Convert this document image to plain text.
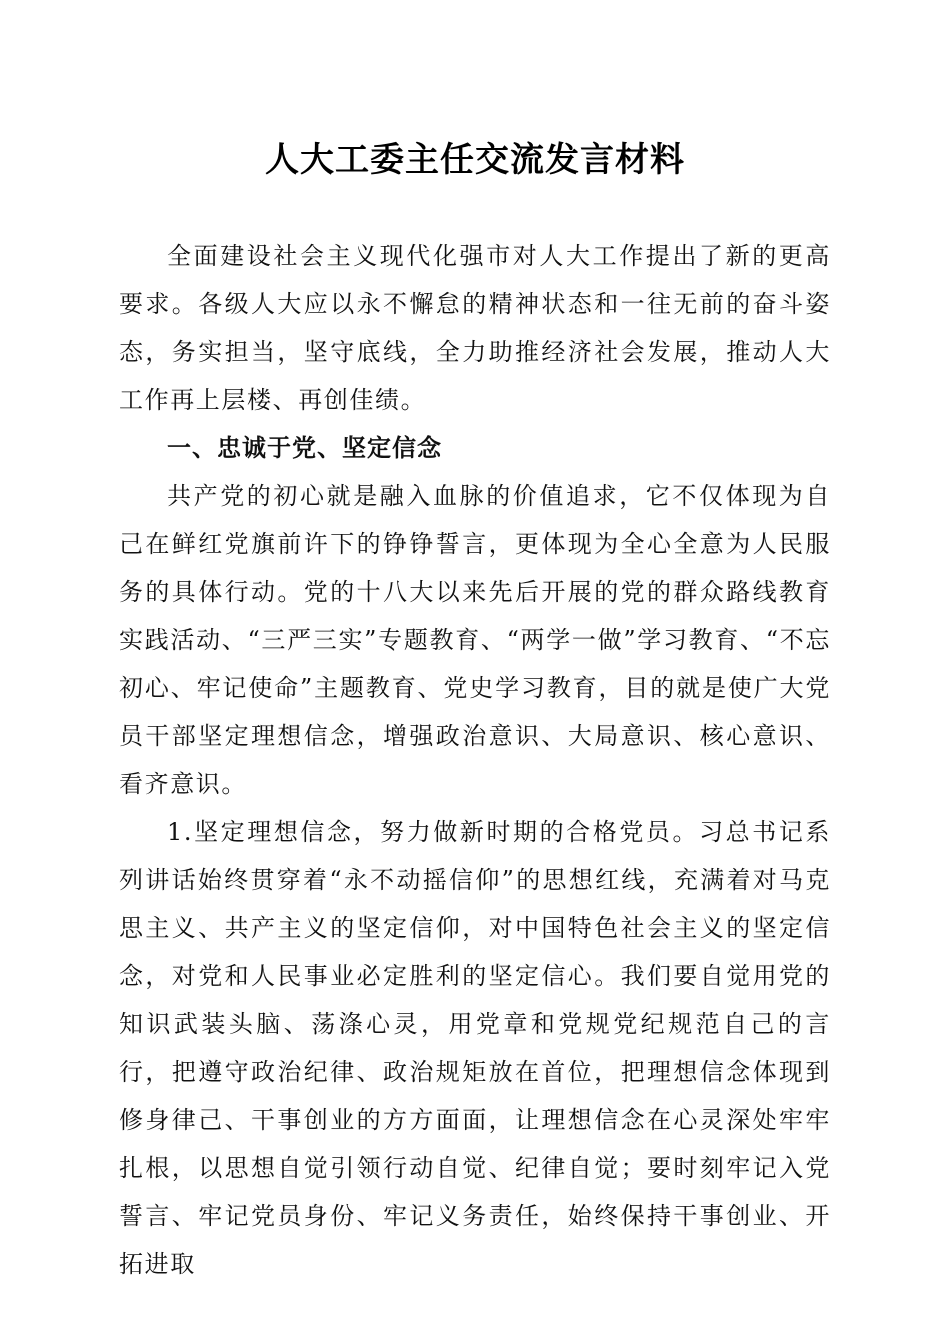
人大工委主任交流发言材料

全面建设社会主义现代化强市对人大工作提出了新的更高要求。各级人大应以永不懈怠的精神状态和一往无前的奋斗姿态，务实担当，坚守底线，全力助推经济社会发展，推动人大工作再上层楼、再创佳绩。

一、忠诚于党、坚定信念

共产党的初心就是融入血脉的价值追求，它不仅体现为自己在鲜红党旗前许下的铮铮誓言，更体现为全心全意为人民服务的具体行动。党的十八大以来先后开展的党的群众路线教育实践活动、“三严三实”专题教育、“两学一做”学习教育、“不忘初心、牢记使命”主题教育、党史学习教育，目的就是使广大党员干部坚定理想信念，增强政治意识、大局意识、核心意识、看齐意识。

1.坚定理想信念，努力做新时期的合格党员。习总书记系列讲话始终贯穿着“永不动摇信仰”的思想红线，充满着对马克思主义、共产主义的坚定信仰，对中国特色社会主义的坚定信念，对党和人民事业必定胜利的坚定信心。我们要自觉用党的知识武装头脑、荡涤心灵，用党章和党规党纪规范自己的言行，把遵守政治纪律、政治规矩放在首位，把理想信念体现到修身律己、干事创业的方方面面，让理想信念在心灵深处牢牢扎根，以思想自觉引领行动自觉、纪律自觉；要时刻牢记入党誓言、牢记党员身份、牢记义务责任，始终保持干事创业、开拓进取
